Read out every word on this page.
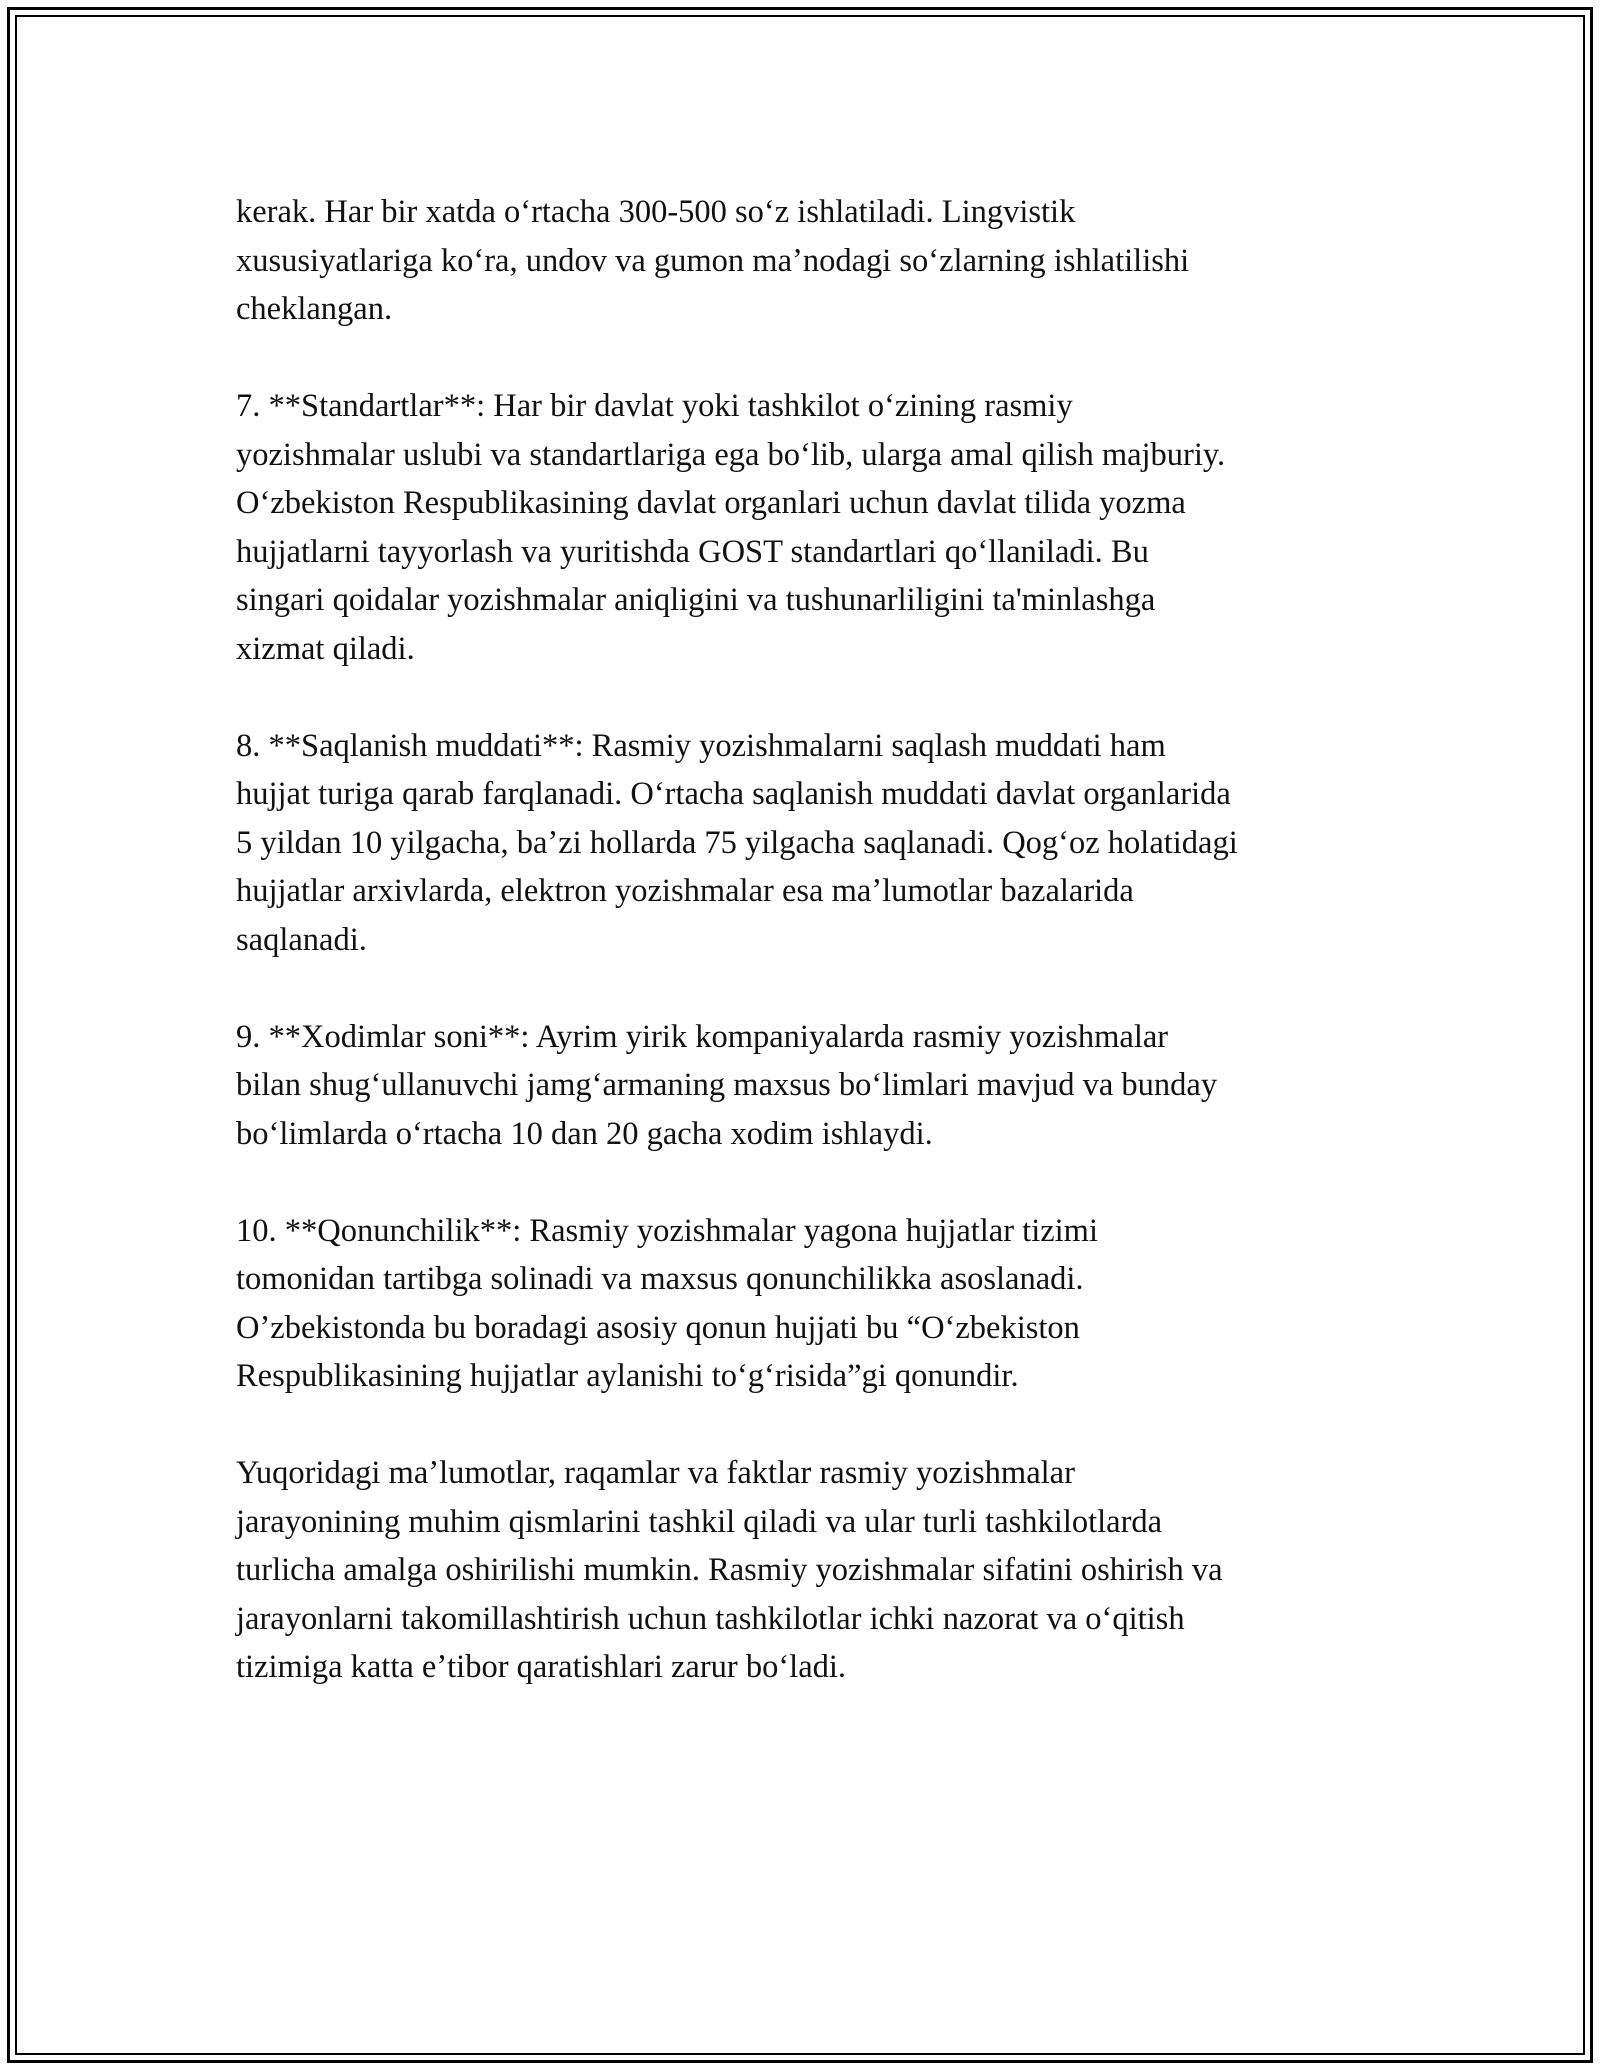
kerak. Har bir xatda oʻrtacha 300-500 soʻz ishlatiladi. Lingvistik
xususiyatlariga koʻra, undov va gumon maʼnodagi soʻzlarning ishlatilishi
cheklangan.

7. **Standartlar**: Har bir davlat yoki tashkilot oʻzining rasmiy
yozishmalar uslubi va standartlariga ega boʻlib, ularga amal qilish majburiy.
Oʻzbekiston Respublikasining davlat organlari uchun davlat tilida yozma
hujjatlarni tayyorlash va yuritishda GOST standartlari qoʻllaniladi. Bu
singari qoidalar yozishmalar aniqligini va tushunarliligini ta'minlashga
xizmat qiladi.

8. **Saqlanish muddati**: Rasmiy yozishmalarni saqlash muddati ham
hujjat turiga qarab farqlanadi. Oʻrtacha saqlanish muddati davlat organlarida
5 yildan 10 yilgacha, baʼzi hollarda 75 yilgacha saqlanadi. Qogʻoz holatidagi
hujjatlar arxivlarda, elektron yozishmalar esa maʼlumotlar bazalarida
saqlanadi.

9. **Xodimlar soni**: Ayrim yirik kompaniyalarda rasmiy yozishmalar
bilan shugʻullanuvchi jamgʻarmaning maxsus boʻlimlari mavjud va bunday
boʻlimlarda oʻrtacha 10 dan 20 gacha xodim ishlaydi.

10. **Qonunchilik**: Rasmiy yozishmalar yagona hujjatlar tizimi
tomonidan tartibga solinadi va maxsus qonunchilikka asoslanadi.
Oʼzbekistonda bu boradagi asosiy qonun hujjati bu “Oʻzbekiston
Respublikasining hujjatlar aylanishi toʻgʻrisida”gi qonundir.

Yuqoridagi maʼlumotlar, raqamlar va faktlar rasmiy yozishmalar
jarayonining muhim qismlarini tashkil qiladi va ular turli tashkilotlarda
turlicha amalga oshirilishi mumkin. Rasmiy yozishmalar sifatini oshirish va
jarayonlarni takomillashtirish uchun tashkilotlar ichki nazorat va oʻqitish
tizimiga katta eʼtibor qaratishlari zarur boʻladi.
